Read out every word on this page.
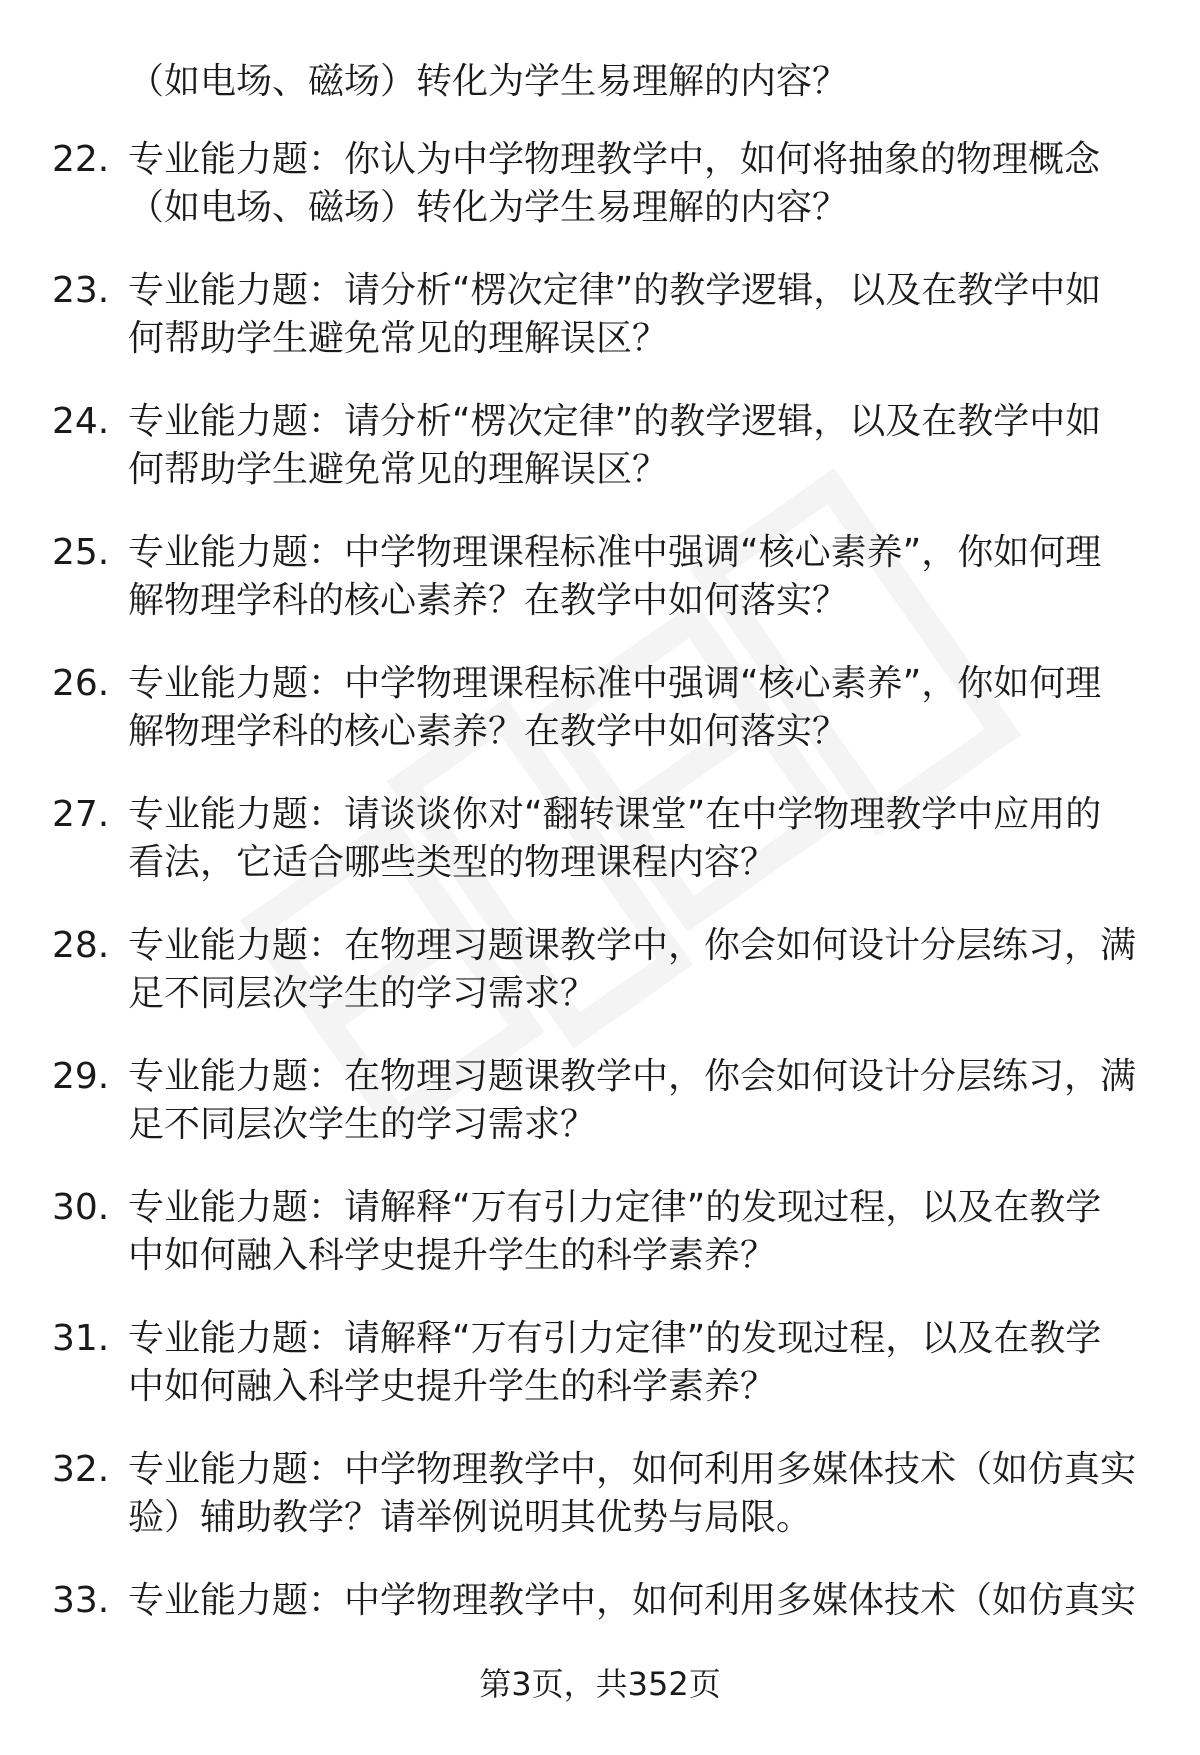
（如电场、磁场）转化为学生易理解的内容？

22. 专业能力题：你认为中学物理教学中，如何将抽象的物理概念
（如电场、磁场）转化为学生易理解的内容？
23. 专业能力题：请分析“楞次定律”的教学逻辑，以及在教学中如
何帮助学生避免常见的理解误区？
24. 专业能力题：请分析“楞次定律”的教学逻辑，以及在教学中如
何帮助学生避免常见的理解误区？
25. 专业能力题：中学物理课程标准中强调“核心素养”，你如何理
解物理学科的核心素养？在教学中如何落实？
26. 专业能力题：中学物理课程标准中强调“核心素养”，你如何理
解物理学科的核心素养？在教学中如何落实？
27. 专业能力题：请谈谈你对“翻转课堂”在中学物理教学中应用的
看法，它适合哪些类型的物理课程内容？
28. 专业能力题：在物理习题课教学中，你会如何设计分层练习，满
足不同层次学生的学习需求？
29. 专业能力题：在物理习题课教学中，你会如何设计分层练习，满
足不同层次学生的学习需求？
30. 专业能力题：请解释“万有引力定律”的发现过程，以及在教学
中如何融入科学史提升学生的科学素养？
31. 专业能力题：请解释“万有引力定律”的发现过程，以及在教学
中如何融入科学史提升学生的科学素养？
32. 专业能力题：中学物理教学中，如何利用多媒体技术（如仿真实
验）辅助教学？请举例说明其优势与局限。
33. 专业能力题：中学物理教学中，如何利用多媒体技术（如仿真实
第3页，共352页
